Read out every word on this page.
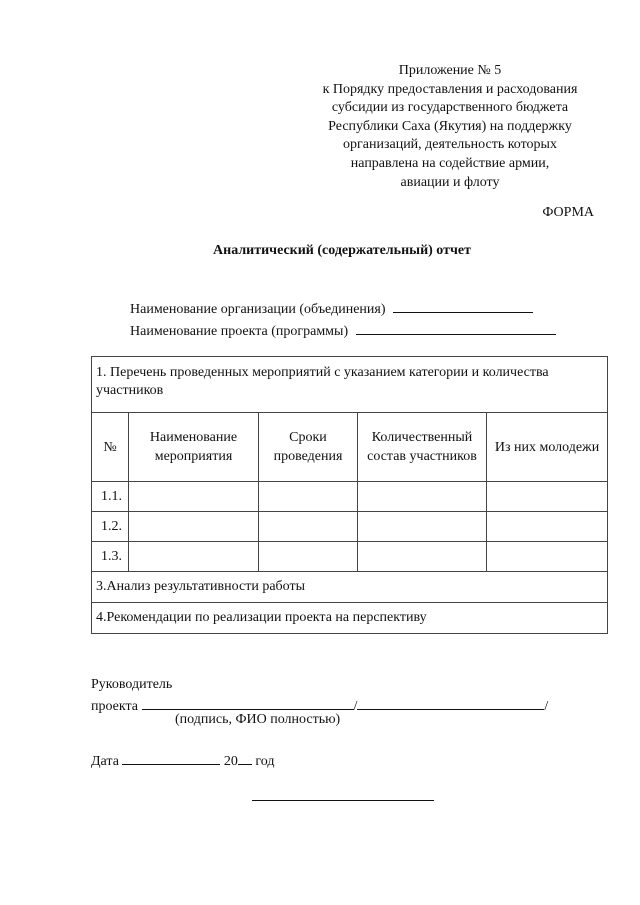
Приложение № 5
к Порядку предоставления и расходования
субсидии из государственного бюджета
Республики Саха (Якутия) на поддержку
организаций, деятельность которых
направлена на содействие армии,
авиации и флоту
ФОРМА
Аналитический (содержательный) отчет
Наименование организации (объединения)
Наименование проекта (программы)
1. Перечень проведенных мероприятий с указанием категории и количества участников				
№	Наименование мероприятия	Сроки проведения	Количественный состав участников	Из них молодежи
1.1.				
1.2.				
1.3.				
3.Анализ результативности работы				
4.Рекомендации по реализации проекта на перспективу				
Руководитель
проекта	/	/
(подпись, ФИО полностью)
Дата	20 год
